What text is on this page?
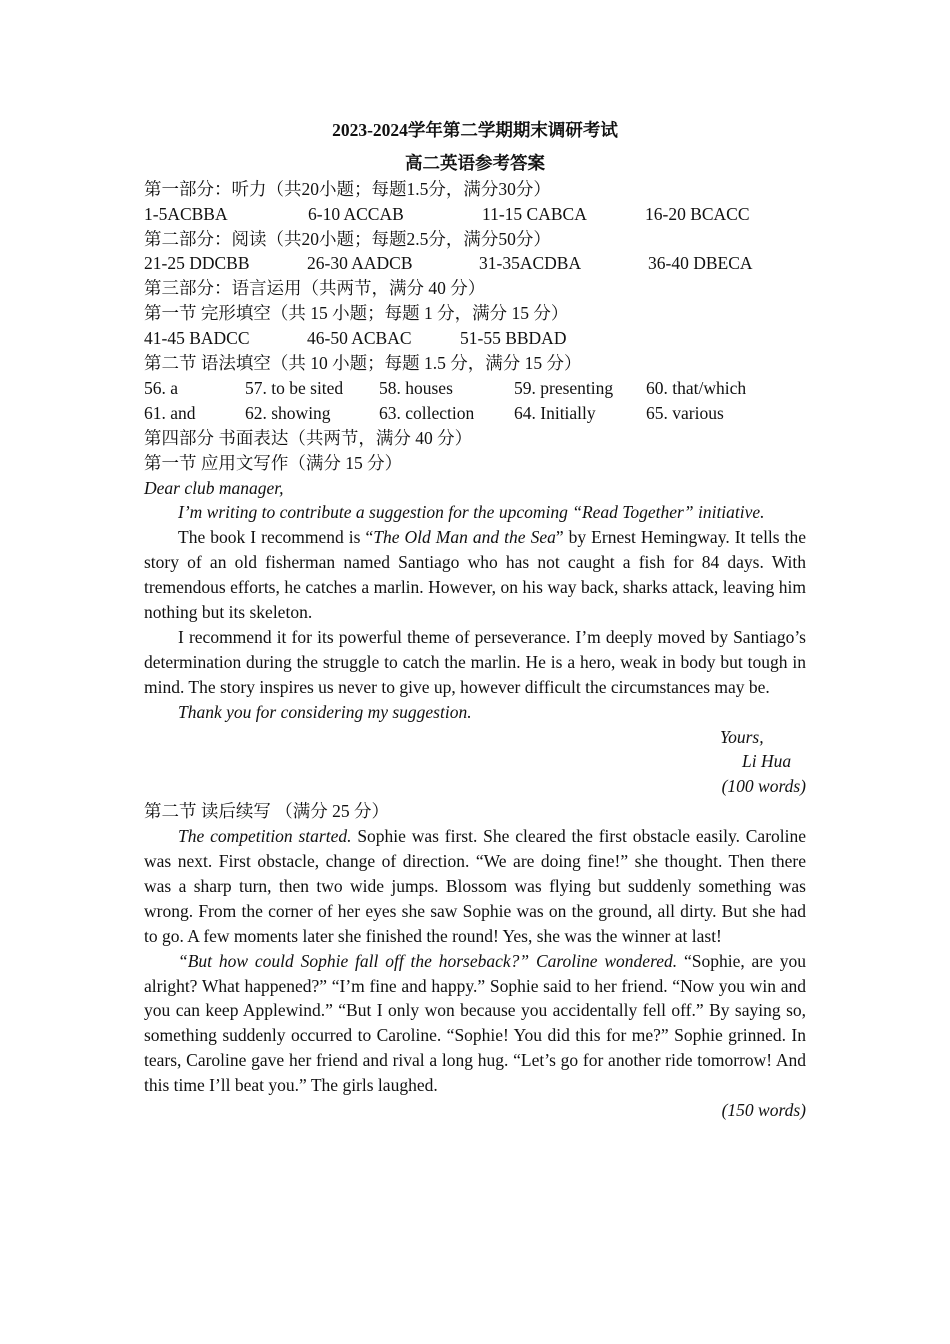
2023-2024学年第二学期期末调研考试
高二英语参考答案
第一部分：听力（共20小题；每题1.5分，满分30分）
1-5ACBBA	6-10 ACCAB	11-15 CABCA	16-20 BCACC
第二部分：阅读（共20小题；每题2.5分，满分50分）
21-25 DDCBB	26-30 AADCB	31-35ACDBA	36-40 DBECA
第三部分：语言运用（共两节，满分 40 分）
第一节 完形填空（共 15 小题；每题 1 分，满分 15 分）
41-45 BADCC	46-50 ACBAC	51-55 BBDAD
第二节 语法填空（共 10 小题；每题 1.5 分，满分 15 分）
56. a	57. to be sited 58. houses	59. presenting 60. that/which
61. and	62. showing	63. collection 64. Initially	65. various
第四部分 书面表达（共两节，满分 40 分）
第一节 应用文写作（满分 15 分）
Dear club manager,
I’m writing to contribute a suggestion for the upcoming “Read Together” initiative.
The book I recommend is “The Old Man and the Sea” by Ernest Hemingway. It tells the story of an old fisherman named Santiago who has not caught a fish for 84 days. With tremendous efforts, he catches a marlin. However, on his way back, sharks attack, leaving him nothing but its skeleton.
I recommend it for its powerful theme of perseverance. I’m deeply moved by Santiago’s determination during the struggle to catch the marlin. He is a hero, weak in body but tough in mind. The story inspires us never to give up, however difficult the circumstances may be.
Thank you for considering my suggestion.
Yours,
Li Hua
(100 words)
第二节 读后续写 （满分 25 分）
The competition started. Sophie was first. She cleared the first obstacle easily. Caroline was next. First obstacle, change of direction. “We are doing fine!” she thought. Then there was a sharp turn, then two wide jumps. Blossom was flying but suddenly something was wrong. From the corner of her eyes she saw Sophie was on the ground, all dirty. But she had to go. A few moments later she finished the round! Yes, she was the winner at last!
“But how could Sophie fall off the horseback?” Caroline wondered. “Sophie, are you alright? What happened?” “I’m fine and happy.” Sophie said to her friend. “Now you win and you can keep Applewind.” “But I only won because you accidentally fell off.” By saying so, something suddenly occurred to Caroline. “Sophie! You did this for me?” Sophie grinned. In tears, Caroline gave her friend and rival a long hug. “Let’s go for another ride tomorrow! And this time I’ll beat you.” The girls laughed.
(150 words)
